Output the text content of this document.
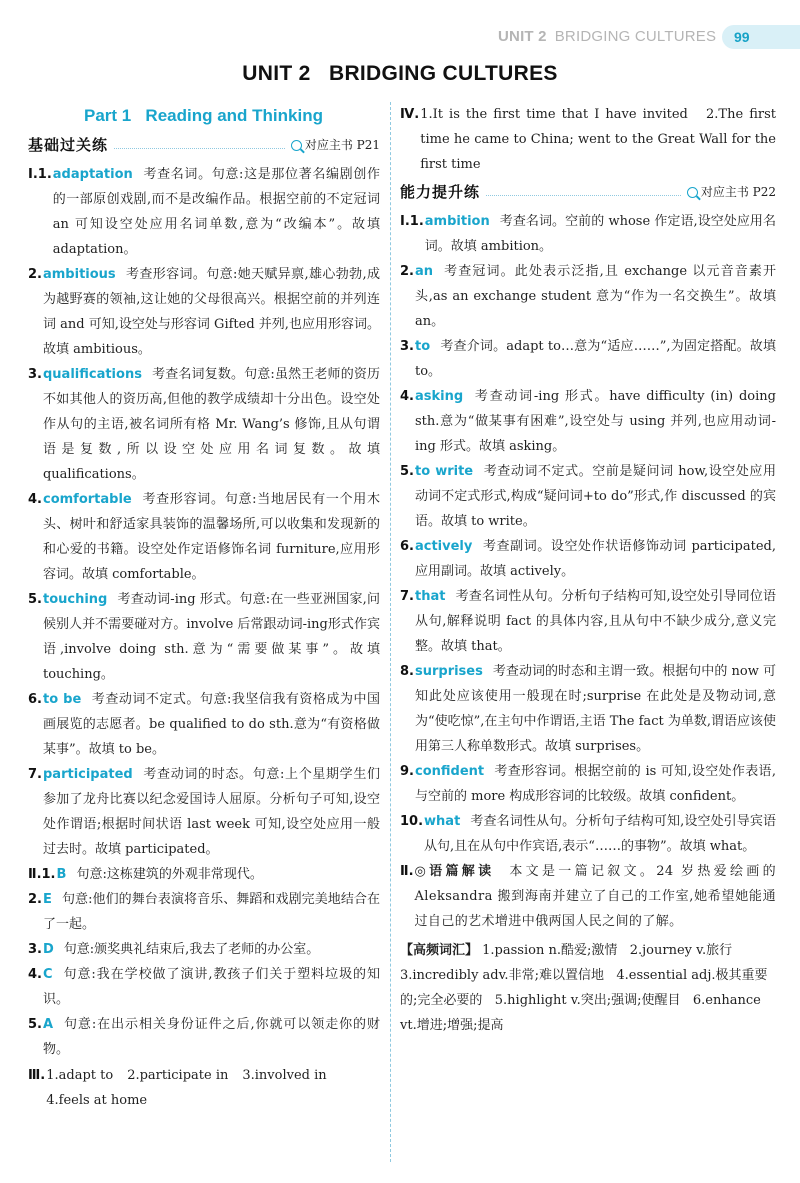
UNIT 2 BRIDGING CULTURES	99
UNIT 2   BRIDGING CULTURES
Part 1   Reading and Thinking
基础过关练	对应主书 P21
Ⅰ.1. adaptation 考查名词。句意:这是那位著名编剧创作的一部原创戏剧,而不是改编作品。根据空前的不定冠词 an 可知设空处应用名词单数,意为“改编本”。故填 adaptation。
2. ambitious 考查形容词。句意:她天赋异禀,雄心勃勃,成为越野赛的领袖,这让她的父母很高兴。根据空前的并列连词 and 可知,设空处与形容词 Gifted 并列,也应用形容词。故填 ambitious。
3. qualifications 考查名词复数。句意:虽然王老师的资历不如其他人的资历高,但他的教学成绩却十分出色。设空处作从句的主语,被名词所有格 Mr. Wang’s 修饰,且从句谓语是复数,所以设空处应用名词复数。故填 qualifications。
4. comfortable 考查形容词。句意:当地居民有一个用木头、树叶和舒适家具装饰的温馨场所,可以收集和发现新的和心爱的书籍。设空处作定语修饰名词 furniture,应用形容词。故填 comfortable。
5. touching 考查动词-ing 形式。句意:在一些亚洲国家,问候别人并不需要碰对方。involve 后常跟动词-ing形式作宾语,involve doing sth.意为“需要做某事”。故填 touching。
6. to be 考查动词不定式。句意:我坚信我有资格成为中国画展览的志愿者。be qualified to do sth.意为“有资格做某事”。故填 to be。
7. participated 考查动词的时态。句意:上个星期学生们参加了龙舟比赛以纪念爱国诗人屈原。分析句子可知,设空处作谓语;根据时间状语 last week 可知,设空处应用一般过去时。故填 participated。
Ⅱ.1. B 句意:这栋建筑的外观非常现代。
2. E 句意:他们的舞台表演将音乐、舞蹈和戏剧完美地结合在了一起。
3. D 句意:颁奖典礼结束后,我去了老师的办公室。
4. C 句意:我在学校做了演讲,教孩子们关于塑料垃圾的知识。
5. A 句意:在出示相关身份证件之后,你就可以领走你的财物。
Ⅲ. 1.adapt to 2.participate in 3.involved in
4.feels at home
Ⅳ. 1.It is the first time that I have invited   2.The first time he came to China; went to the Great Wall for the first time
能力提升练	对应主书 P22
Ⅰ.1. ambition 考查名词。空前的 whose 作定语,设空处应用名词。故填 ambition。
2. an 考查冠词。此处表示泛指,且 exchange 以元音音素开头,as an exchange student 意为“作为一名交换生”。故填 an。
3. to 考查介词。adapt to…意为“适应……”,为固定搭配。故填 to。
4. asking 考查动词-ing 形式。have difficulty (in) doing sth.意为“做某事有困难”,设空处与 using 并列,也应用动词-ing 形式。故填 asking。
5. to write 考查动词不定式。空前是疑问词 how,设空处应用动词不定式形式,构成“疑问词+to do”形式,作 discussed 的宾语。故填 to write。
6. actively 考查副词。设空处作状语修饰动词 participated,应用副词。故填 actively。
7. that 考查名词性从句。分析句子结构可知,设空处引导同位语从句,解释说明 fact 的具体内容,且从句中不缺少成分,意义完整。故填 that。
8. surprises 考查动词的时态和主谓一致。根据句中的 now 可知此处应该使用一般现在时;surprise 在此处是及物动词,意为“使吃惊”,在主句中作谓语,主语 The fact 为单数,谓语应该使用第三人称单数形式。故填 surprises。
9. confident 考查形容词。根据空前的 is 可知,设空处作表语,与空前的 more 构成形容词的比较级。故填 confident。
10. what 考查名词性从句。分析句子结构可知,设空处引导宾语从句,且在从句中作宾语,表示“……的事物”。故填 what。
Ⅱ. ◎语篇解读 本文是一篇记叙文。24 岁热爱绘画的 Aleksandra 搬到海南并建立了自己的工作室,她希望她能通过自己的艺术增进中俄两国人民之间的了解。
【高频词汇】 1.passion n.酷爱;激情   2.journey v.旅行   3.incredibly adv.非常;难以置信地   4.essential adj.极其重要的;完全必要的   5.highlight v.突出;强调;使醒目   6.enhance vt.增进;增强;提高
